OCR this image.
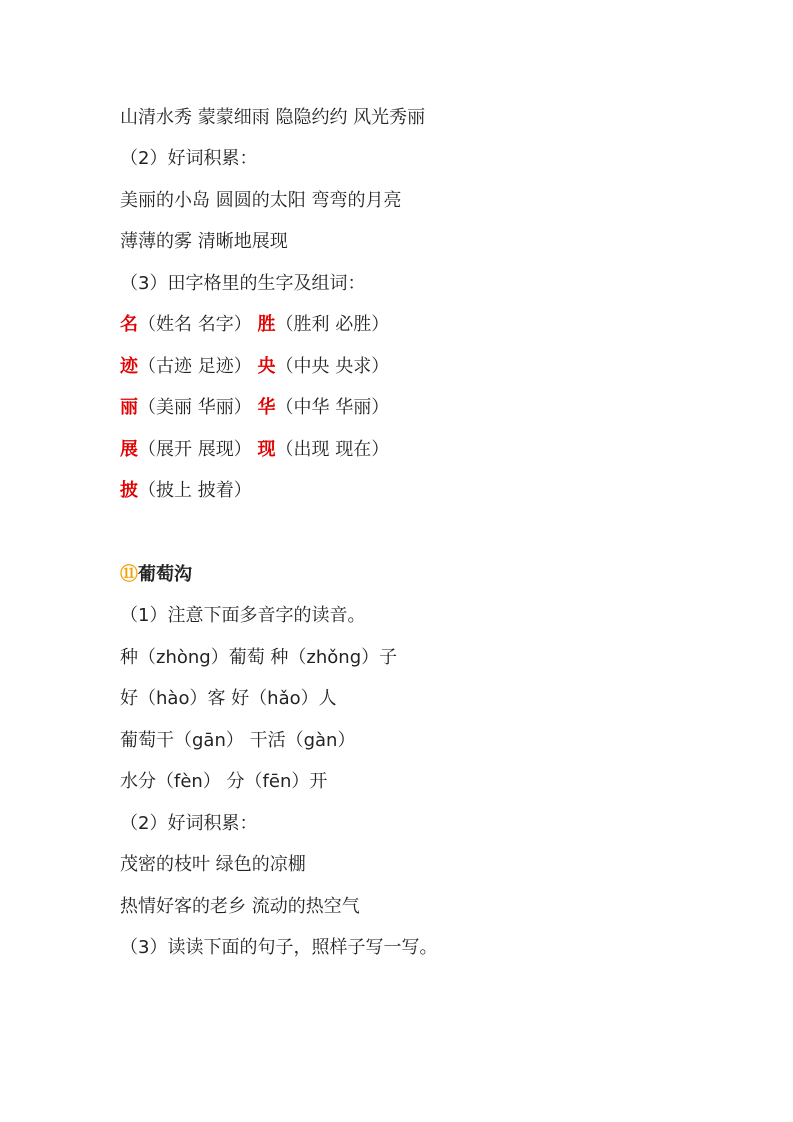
山清水秀 蒙蒙细雨 隐隐约约 风光秀丽
（2）好词积累：
美丽的小岛 圆圆的太阳 弯弯的月亮
薄薄的雾 清晰地展现
（3）田字格里的生字及组词：
名（姓名 名字） 胜（胜利 必胜）
迹（古迹 足迹） 央（中央 央求）
丽（美丽 华丽） 华（中华 华丽）
展（展开 展现） 现（出现 现在）
披（披上 披着）
⑪葡萄沟
（1）注意下面多音字的读音。
种（zhòng）葡萄 种（zhǒng）子
好（hào）客 好（hǎo）人
葡萄干（gān） 干活（gàn）
水分（fèn） 分（fēn）开
（2）好词积累：
茂密的枝叶 绿色的凉棚
热情好客的老乡 流动的热空气
（3）读读下面的句子，照样子写一写。
